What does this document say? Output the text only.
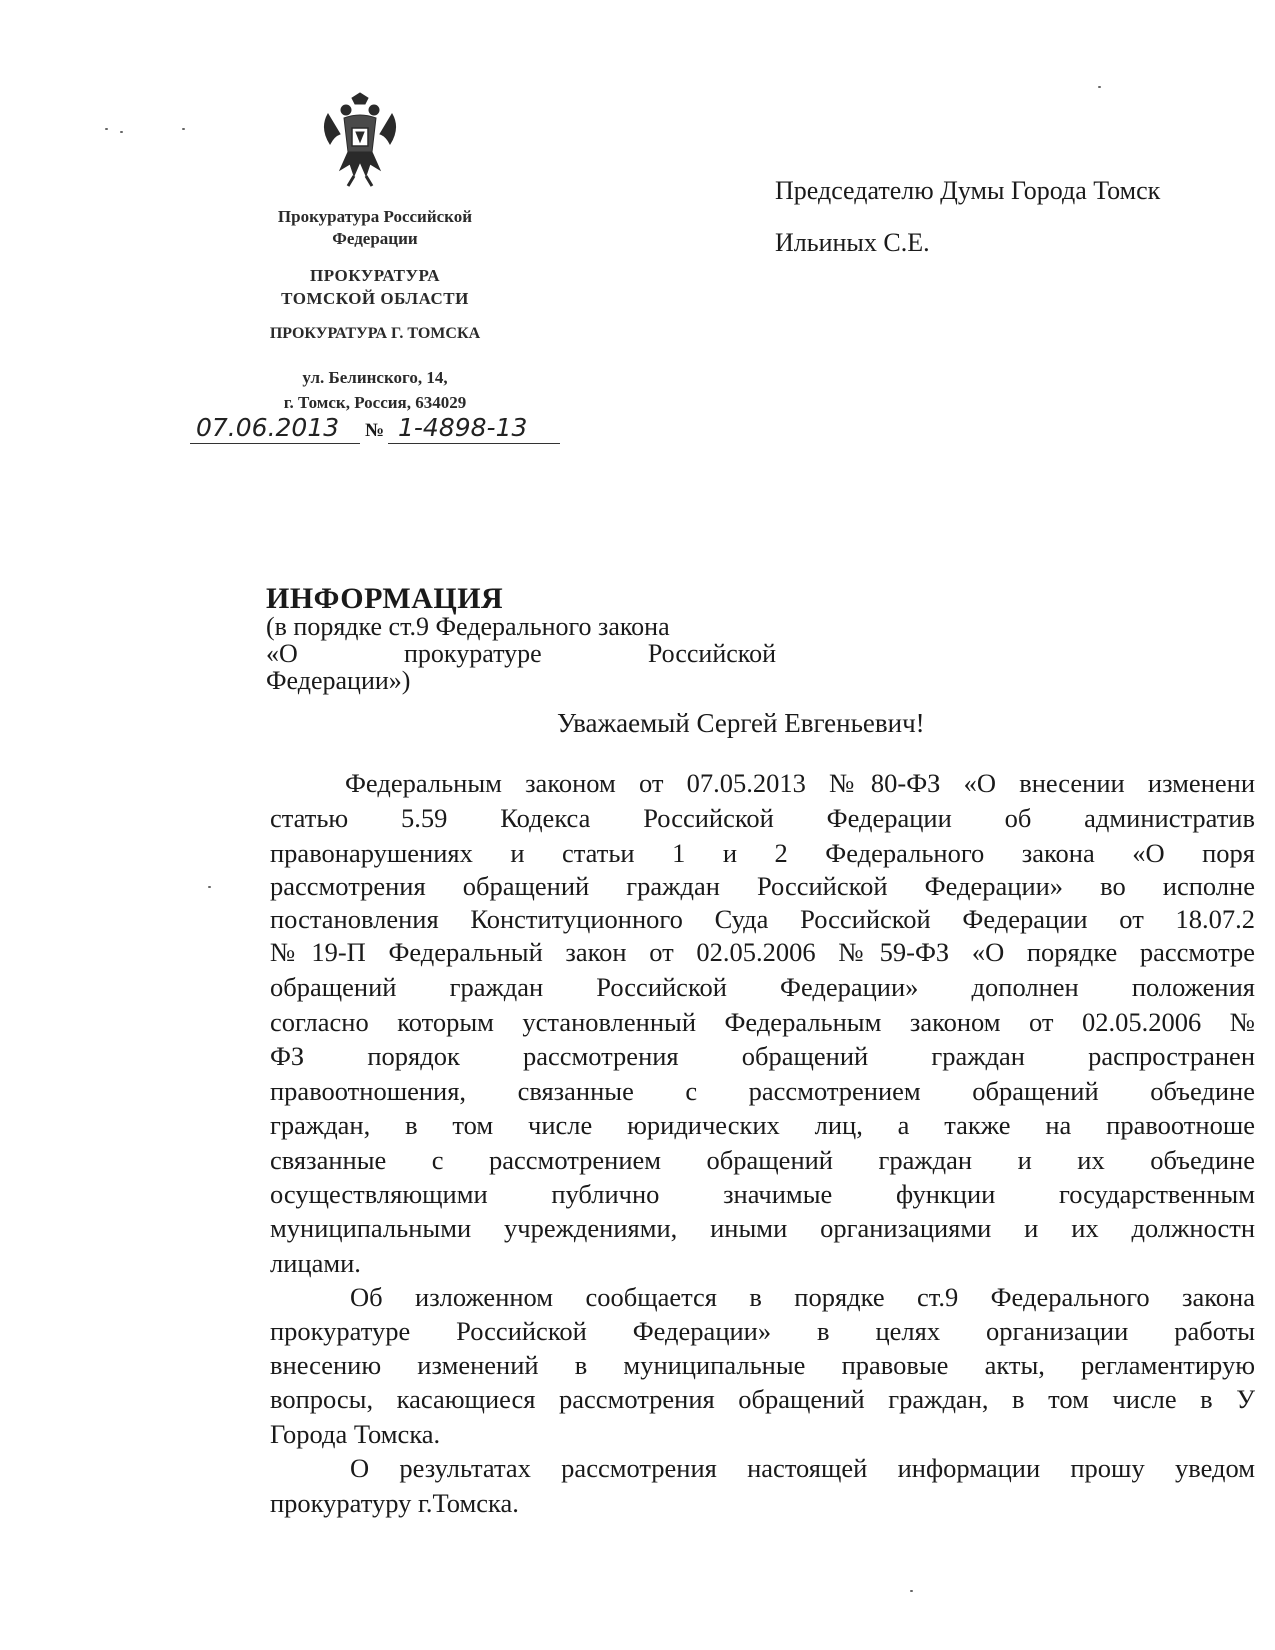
Прокуратура Российской
Федерации
ПРОКУРАТУРА
ТОМСКОЙ ОБЛАСТИ
ПРОКУРАТУРА Г. ТОМСКА
ул. Белинского, 14,
г. Томск, Россия, 634029
07.06.2013 № 1-4898-13
Председателю Думы Города Томск
Ильиных С.Е.
ИНФОРМАЦИЯ
(в порядке ст.9 Федерального закона
«О прокуратуре Российской
Федерации»)
Уважаемый Сергей Евгеньевич!
Федеральным законом от 07.05.2013 №80-ФЗ «О внесении изменени
статью 5.59 Кодекса Российской Федерации об административ
правонарушениях и статьи 1 и 2 Федерального закона «О поря
рассмотрения обращений граждан Российской Федерации» во исполне
постановления Конституционного Суда Российской Федерации от 18.07.2
№19-П Федеральный закон от 02.05.2006 №59-ФЗ «О порядке рассмотре
обращений граждан Российской Федерации» дополнен положения
согласно которым установленный Федеральным законом от 02.05.2006 №
ФЗ порядок рассмотрения обращений граждан распространен
правоотношения, связанные с рассмотрением обращений объедине
граждан, в том числе юридических лиц, а также на правоотноше
связанные с рассмотрением обращений граждан и их объедине
осуществляющими публично значимые функции государственным
муниципальными учреждениями, иными организациями и их должностн
лицами.
Об изложенном сообщается в порядке ст.9 Федерального закона
прокуратуре Российской Федерации» в целях организации работы
внесению изменений в муниципальные правовые акты, регламентирую
вопросы, касающиеся рассмотрения обращений граждан, в том числе в У
Города Томска.
О результатах рассмотрения настоящей информации прошу уведом
прокуратуру г.Томска.
